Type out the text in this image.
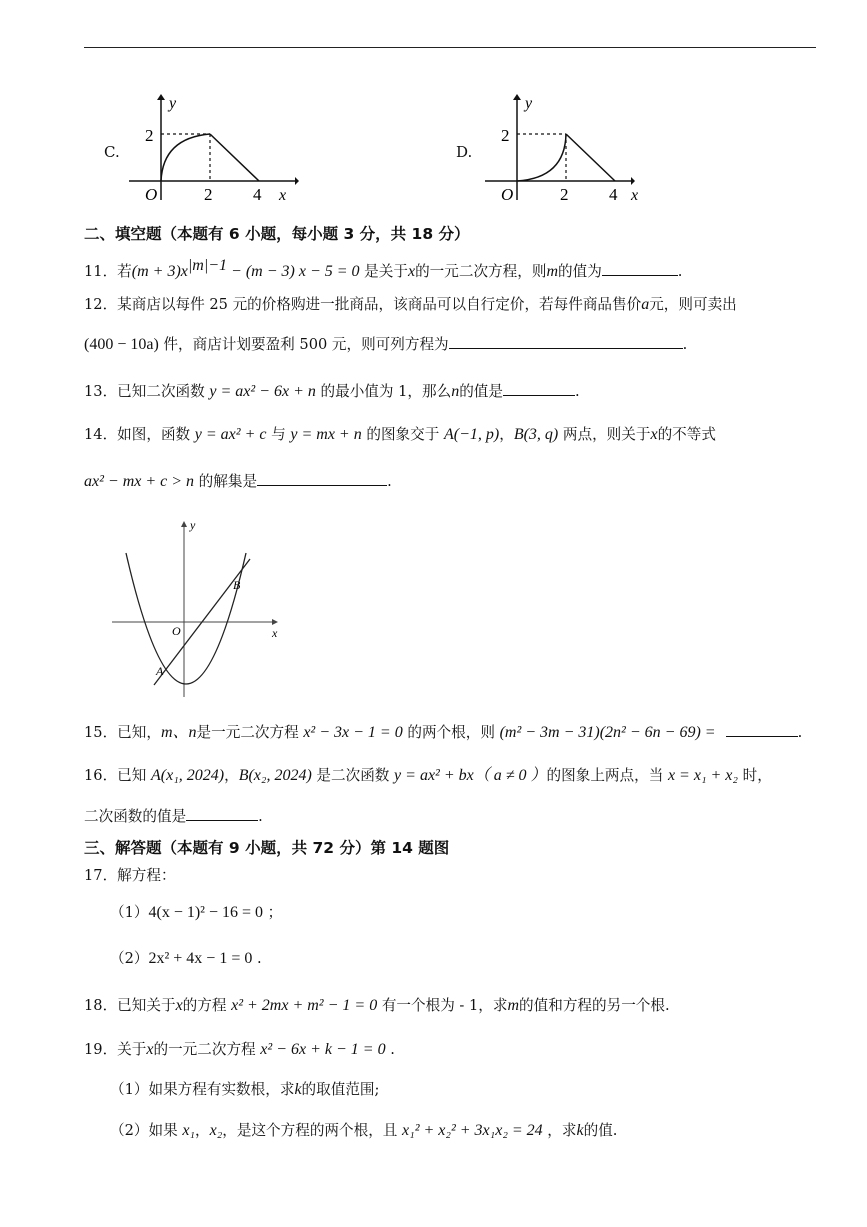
C.
y
2
O	2 4 x
D.
y
2
O	2 4 x
二、填空题（本题有 6 小题，每小题 3 分，共 18 分）
11．若$(m + 3)x^{|m|-1} - (m - 3)$ x − 5 = 0 是关于x的一元二次方程，则m的值为	.
12．某商店以每件 25 元的价格购进一批商品，该商品可以自行定价，若每件商品售价a元，则可卖出
(400 − 10a) 件，商店计划要盈利 500 元，则可列方程为	.
13．已知二次函数 y = ax² − 6x + n 的最小值为 1，那么n的值是	.
14．如图，函数 y = ax² + c 与 y = mx + n 的图象交于 A(−1, p)，B(3, q) 两点，则关于x的不等式
ax² − mx + c > n 的解集是	.
y
x
O
A
B
15．已知，m、n是一元二次方程 x² − 3x − 1 = 0 的两个根，则 (m² − 3m − 31)(2n² − 6n − 69) =	.
16．已知 A(x₁, 2024)，B(x₂, 2024) 是二次函数 y = ax² + bx（ a ≠ 0 ）的图象上两点，当 x = x₁ + x₂ 时，
二次函数的值是	.
三、解答题（本题有 9 小题，共 72 分）第 14 题图
17．解方程：
（1）4(x − 1)² − 16 = 0 ；
（2）2x² + 4x − 1 = 0 .
18．已知关于x的方程 x² + 2mx + m² − 1 = 0 有一个根为 - 1，求m的值和方程的另一个根.
19．关于x的一元二次方程 x² − 6x + k − 1 = 0 .
（1）如果方程有实数根，求k的取值范围;
（2）如果 x₁，x₂，是这个方程的两个根，且 x₁² + x₂² + 3x₁x₂ = 24 ，求k的值.
